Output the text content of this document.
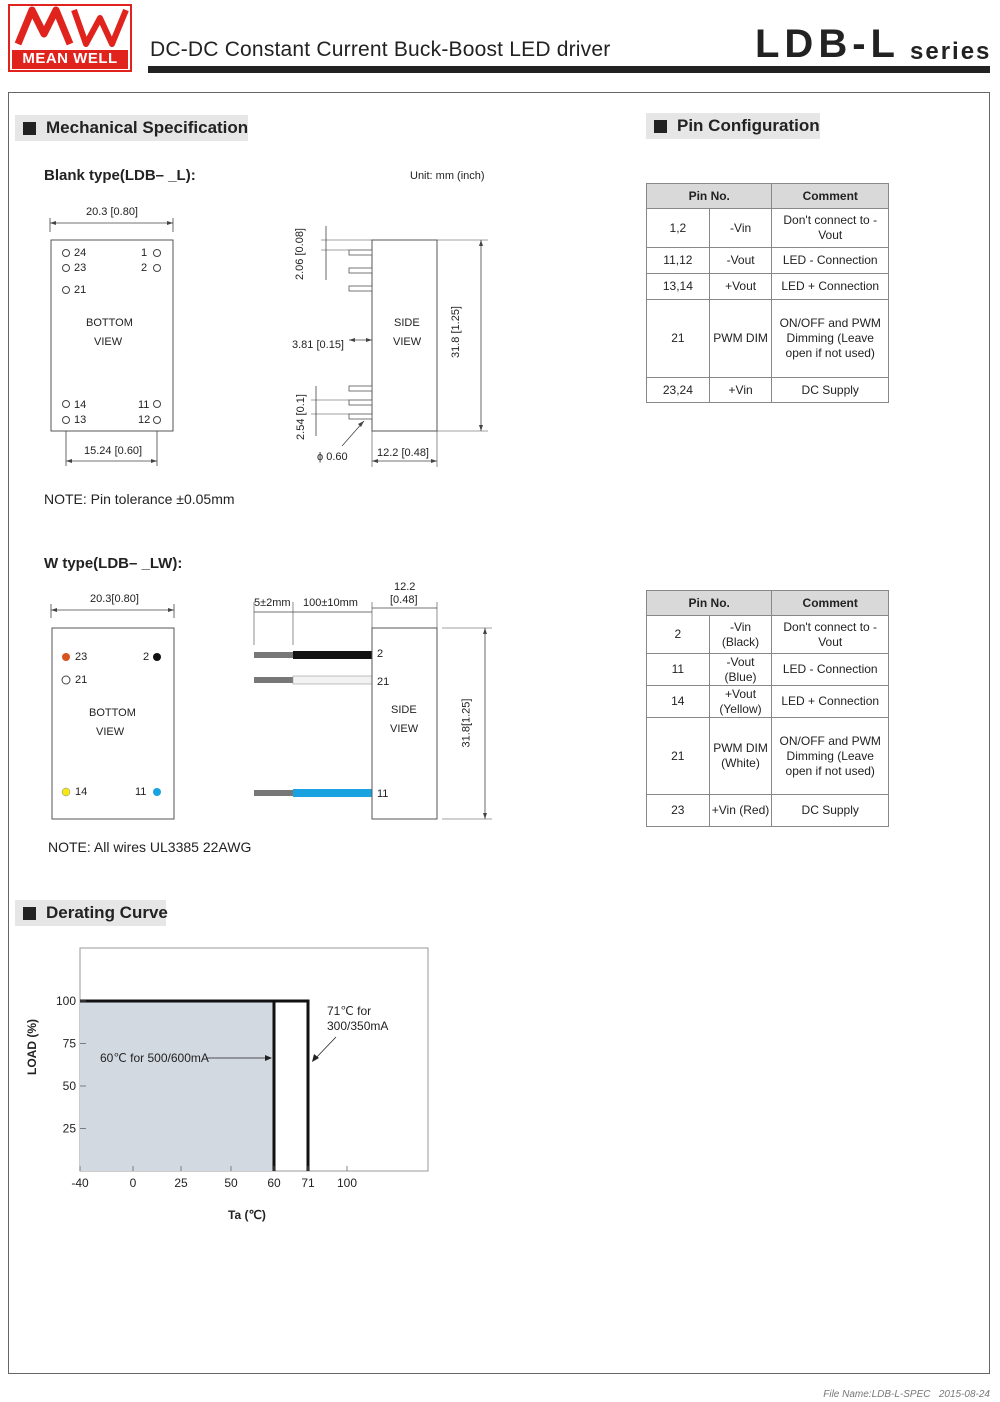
MEAN WELL	DC-DC Constant Current Buck-Boost LED driver	LDB-L series
Mechanical Specification
Blank type(LDB– _L):	Unit: mm (inch)
20.3 [0.80]
24
23
21
14
13
1
2
11
12
BOTTOM
VIEW
15.24 [0.60]
SIDE
VIEW
2.06 [0.08]
3.81 [0.15]
2.54 [0.1]
31.8 [1.25]
ϕ 0.60	12.2 [0.48]
NOTE: Pin tolerance ±0.05mm
W type(LDB– _LW):
20.3[0.80]
23
21
14
2
11
BOTTOM
VIEW
5±2mm 100±10mm
12.2
[0.48]
2
21
11
SIDE
VIEW	31.8[1.25]
NOTE: All wires UL3385 22AWG
Pin Configuration
Pin No.		Comment
1,2	-Vin	Don't connect to -Vout
11,12	-Vout	LED - Connection
13,14	+Vout	LED + Connection
21	PWM DIM	ON/OFF and PWM Dimming (Leave open if not used)
23,24	+Vin	DC Supply
Pin No.		Comment
2	-Vin (Black)	Don't connect to -Vout
11	-Vout (Blue)	LED - Connection
14	+Vout (Yellow)	LED + Connection
21	PWM DIM (White)	ON/OFF and PWM Dimming (Leave open if not used)
23	+Vin (Red)	DC Supply
Derating Curve
25
50
75
100
-40	0	25	50 60 71 100
LOAD (%)
Ta (℃)
60℃ for 500/600mA
71℃ for
300/350mA
File Name:LDB-L-SPEC 2015-08-24
